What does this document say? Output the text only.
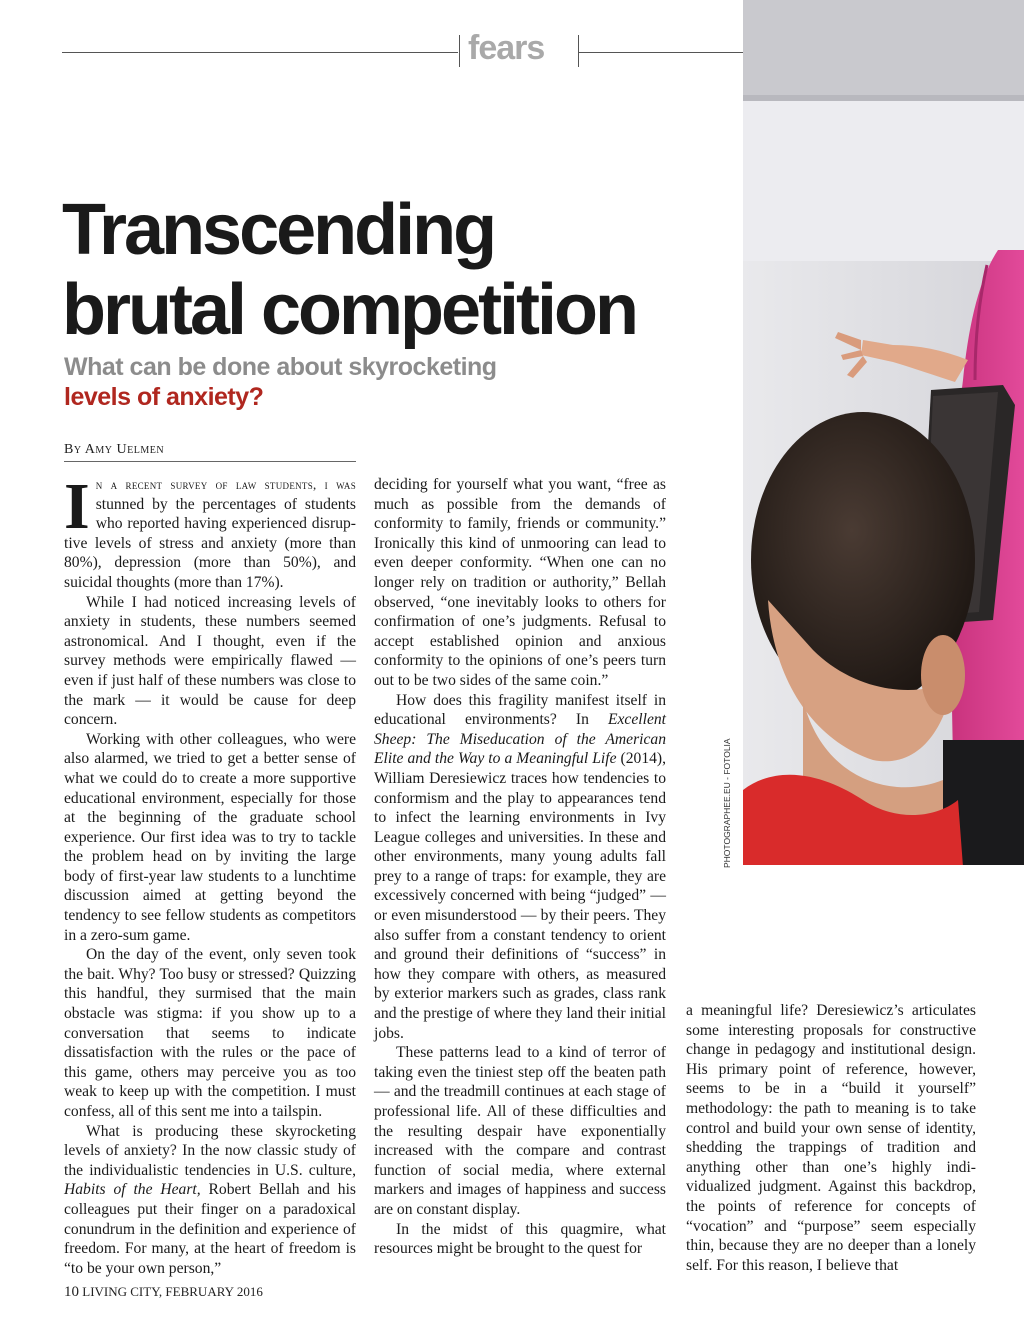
fears
PHOTOGRAPHEE.EU - FOTOLIA
Transcending
brutal competition
What can be done about skyrocketing
levels of anxiety?
By Amy Uelmen

In a recent survey of law students, i was stunned by the percentages of students who reported having experienced disruptive levels of stress and anxiety (more than 80%), depression (more than 50%), and suicidal thoughts (more than 17%).

While I had noticed increasing levels of anxiety in students, these numbers seemed astronomical. And I thought, even if the survey methods were empirically flawed — even if just half of these numbers was close to the mark — it would be cause for deep concern.

Working with other colleagues, who were also alarmed, we tried to get a better sense of what we could do to create a more supportive educational environment, especially for those at the beginning of the graduate school experience. Our first idea was to try to tackle the problem head on by inviting the large body of first-year law students to a lunchtime discussion aimed at getting beyond the tendency to see fellow students as competitors in a zero-sum game.

On the day of the event, only seven took the bait. Why? Too busy or stressed? Quizzing this handful, they surmised that the main obstacle was stigma: if you show up to a conversation that seems to indicate dissatisfaction with the rules or the pace of this game, others may perceive you as too weak to keep up with the competition. I must confess, all of this sent me into a tailspin.

What is producing these skyrocketing levels of anxiety? In the now classic study of the individualistic tendencies in U.S. culture, Habits of the Heart, Robert Bellah and his colleagues put their finger on a paradoxical conundrum in the definition and experience of freedom. For many, at the heart of freedom is “to be your own person,”

deciding for yourself what you want, “free as much as possible from the demands of conformity to family, friends or community.” Ironically this kind of unmooring can lead to even deeper conformity. “When one can no longer rely on tradition or authority,” Bellah observed, “one inevitably looks to others for confirmation of one’s judgments. Refusal to accept established opinion and anxious conformity to the opinions of one’s peers turn out to be two sides of the same coin.”

How does this fragility manifest itself in educational environments? In Excellent Sheep: The Miseducation of the American Elite and the Way to a Meaningful Life (2014), William Deresiewicz traces how tendencies to conformism and the play to appearances tend to infect the learning environments in Ivy League colleges and universities. In these and other environments, many young adults fall prey to a range of traps: for example, they are excessively concerned with being “judged” — or even misunderstood — by their peers. They also suffer from a constant tendency to orient and ground their definitions of “success” in how they compare with others, as measured by exterior markers such as grades, class rank and the prestige of where they land their initial jobs.

These patterns lead to a kind of terror of taking even the tiniest step off the beaten path — and the treadmill continues at each stage of professional life. All of these difficulties and the resulting despair have exponentially increased with the compare and contrast function of social media, where external markers and images of happiness and success are on constant display.

In the midst of this quagmire, what resources might be brought to the quest for

a meaningful life? Deresiewicz’s articulates some interesting proposals for constructive change in pedagogy and institutional design. His primary point of reference, however, seems to be in a “build it yourself” methodology: the path to meaning is to take control and build your own sense of identity, shedding the trappings of tradition and anything other than one’s highly individualized judgment. Against this backdrop, the points of reference for concepts of “vocation” and “purpose” seem especially thin, because they are no deeper than a lonely self. For this reason, I believe that

10 LIVING CITY, FEBRUARY 2016
